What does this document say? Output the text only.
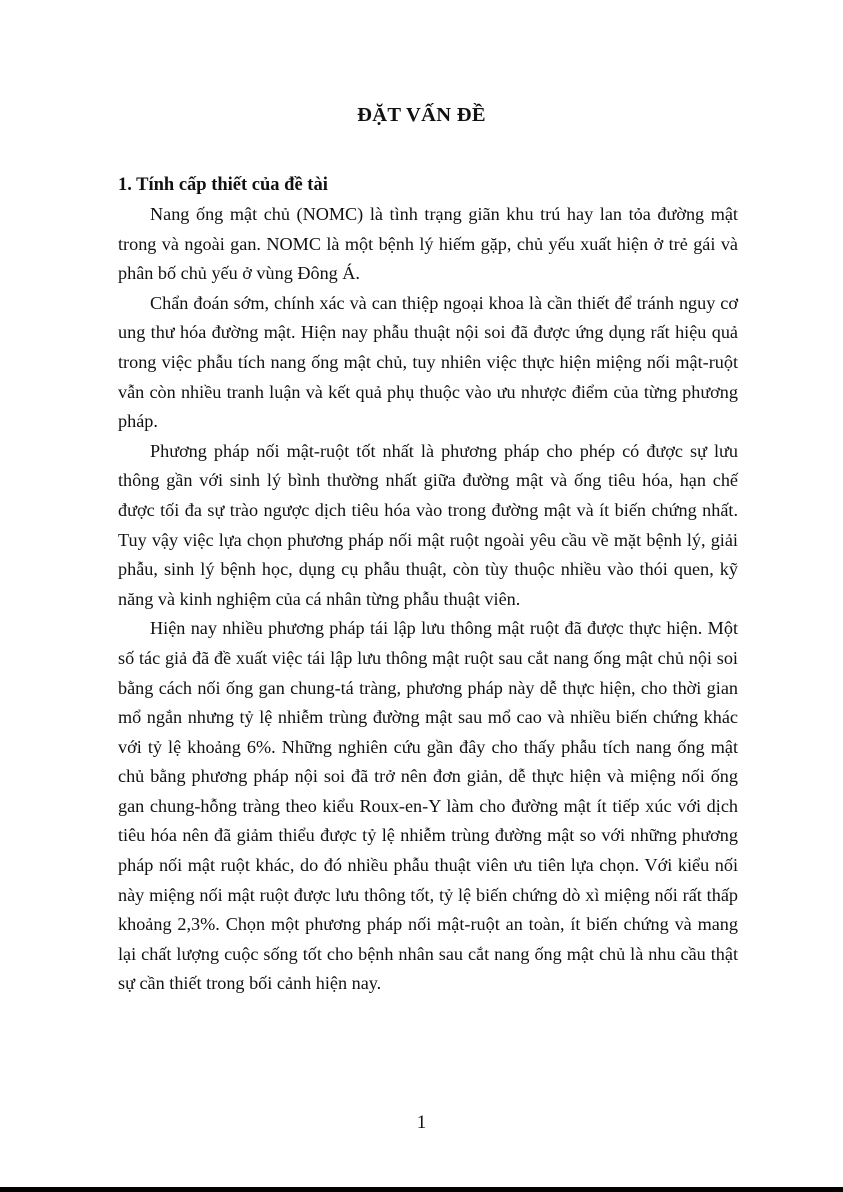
ĐẶT VẤN ĐỀ
1. Tính cấp thiết của đề tài

Nang ống mật chủ (NOMC) là tình trạng giãn khu trú hay lan tỏa đường mật trong và ngoài gan. NOMC là một bệnh lý hiếm gặp, chủ yếu xuất hiện ở trẻ gái và phân bố chủ yếu ở vùng Đông Á.

Chẩn đoán sớm, chính xác và can thiệp ngoại khoa là cần thiết để tránh nguy cơ ung thư hóa đường mật. Hiện nay phẫu thuật nội soi đã được ứng dụng rất hiệu quả trong việc phẫu tích nang ống mật chủ, tuy nhiên việc thực hiện miệng nối mật-ruột vẫn còn nhiều tranh luận và kết quả phụ thuộc vào ưu nhược điểm của từng phương pháp.

Phương pháp nối mật-ruột tốt nhất là phương pháp cho phép có được sự lưu thông gần với sinh lý bình thường nhất giữa đường mật và ống tiêu hóa, hạn chế được tối đa sự trào ngược dịch tiêu hóa vào trong đường mật và ít biến chứng nhất. Tuy vậy việc lựa chọn phương pháp nối mật ruột ngoài yêu cầu về mặt bệnh lý, giải phẫu, sinh lý bệnh học, dụng cụ phẫu thuật, còn tùy thuộc nhiều vào thói quen, kỹ năng và kinh nghiệm của cá nhân từng phẫu thuật viên.

Hiện nay nhiều phương pháp tái lập lưu thông mật ruột đã được thực hiện. Một số tác giả đã đề xuất việc tái lập lưu thông mật ruột sau cắt nang ống mật chủ nội soi bằng cách nối ống gan chung-tá tràng, phương pháp này dễ thực hiện, cho thời gian mổ ngắn nhưng tỷ lệ nhiễm trùng đường mật sau mổ cao và nhiều biến chứng khác với tỷ lệ khoảng 6%. Những nghiên cứu gần đây cho thấy phẫu tích nang ống mật chủ bằng phương pháp nội soi đã trở nên đơn giản, dễ thực hiện và miệng nối ống gan chung-hỗng tràng theo kiểu Roux-en-Y làm cho đường mật ít tiếp xúc với dịch tiêu hóa nên đã giảm thiểu được tỷ lệ nhiễm trùng đường mật so với những phương pháp nối mật ruột khác, do đó nhiều phẫu thuật viên ưu tiên lựa chọn. Với kiểu nối này miệng nối mật ruột được lưu thông tốt, tỷ lệ biến chứng dò xì miệng nối rất thấp khoảng 2,3%. Chọn một phương pháp nối mật-ruột an toàn, ít biến chứng và mang lại chất lượng cuộc sống tốt cho bệnh nhân sau cắt nang ống mật chủ là nhu cầu thật sự cần thiết trong bối cảnh hiện nay.

1
